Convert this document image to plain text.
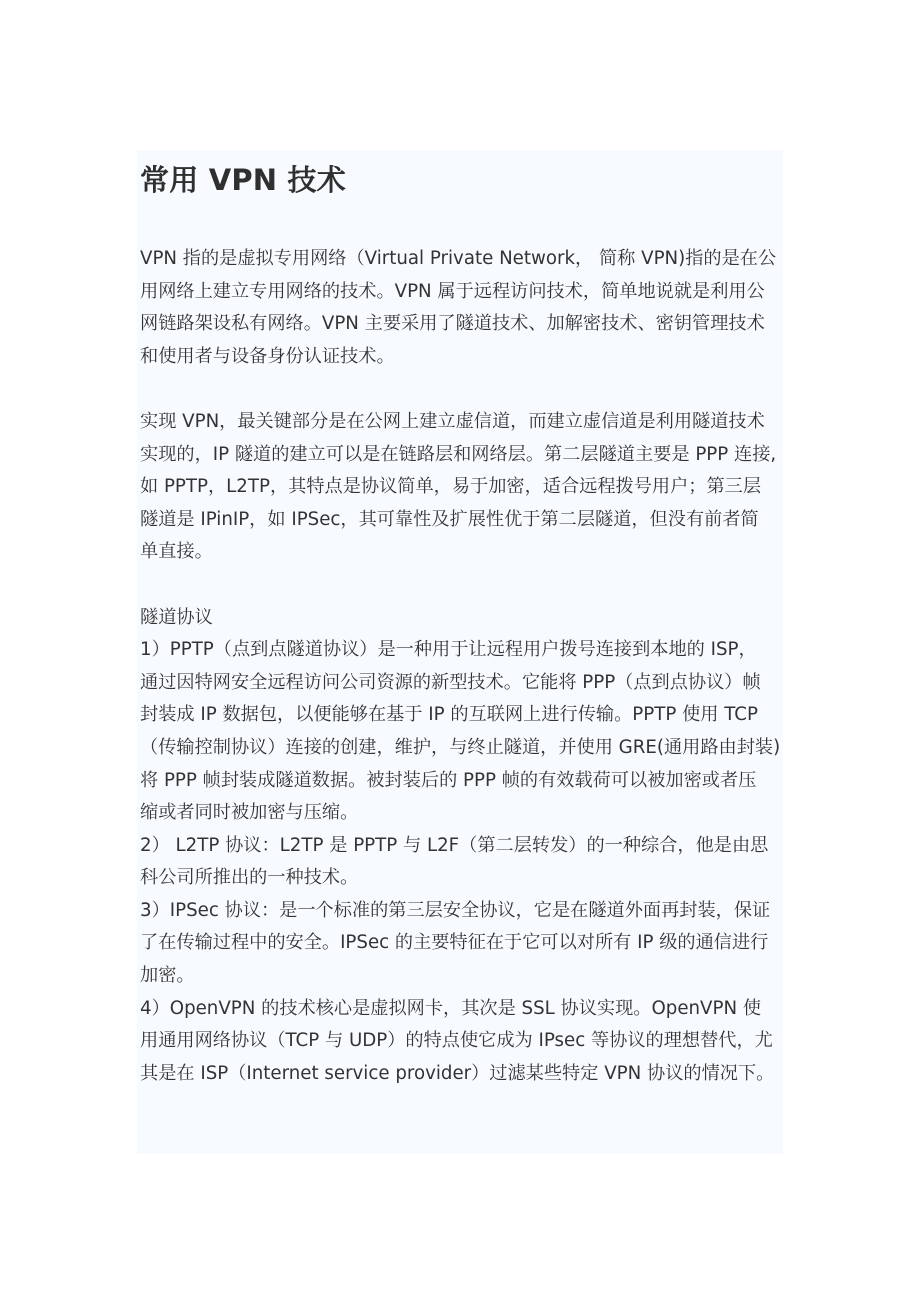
常用 VPN 技术

VPN 指的是虚拟专用网络（Virtual Private Network， 简称 VPN)指的是在公
用网络上建立专用网络的技术。VPN 属于远程访问技术，简单地说就是利用公
网链路架设私有网络。VPN 主要采用了隧道技术、加解密技术、密钥管理技术
和使用者与设备身份认证技术。

实现 VPN，最关键部分是在公网上建立虚信道，而建立虚信道是利用隧道技术
实现的，IP 隧道的建立可以是在链路层和网络层。第二层隧道主要是 PPP 连接,
如 PPTP，L2TP，其特点是协议简单，易于加密，适合远程拨号用户；第三层
隧道是 IPinIP，如 IPSec，其可靠性及扩展性优于第二层隧道，但没有前者简
单直接。

隧道协议
1）PPTP（点到点隧道协议）是一种用于让远程用户拨号连接到本地的 ISP，
通过因特网安全远程访问公司资源的新型技术。它能将 PPP（点到点协议）帧
封装成 IP 数据包，以便能够在基于 IP 的互联网上进行传输。PPTP 使用 TCP
（传输控制协议）连接的创建，维护，与终止隧道，并使用 GRE(通用路由封装)
将 PPP 帧封装成隧道数据。被封装后的 PPP 帧的有效载荷可以被加密或者压
缩或者同时被加密与压缩。
2） L2TP 协议：L2TP 是 PPTP 与 L2F（第二层转发）的一种综合，他是由思
科公司所推出的一种技术。
3）IPSec 协议：是一个标准的第三层安全协议，它是在隧道外面再封装，保证
了在传输过程中的安全。IPSec 的主要特征在于它可以对所有 IP 级的通信进行
加密。
4）OpenVPN 的技术核心是虚拟网卡，其次是 SSL 协议实现。OpenVPN 使
用通用网络协议（TCP 与 UDP）的特点使它成为 IPsec 等协议的理想替代，尤
其是在 ISP（Internet service provider）过滤某些特定 VPN 协议的情况下。
